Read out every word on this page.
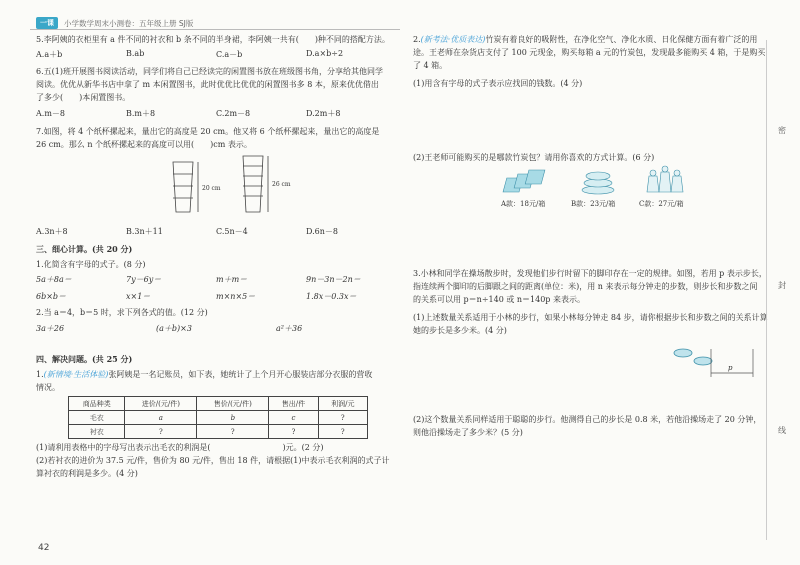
一课	小学数学周末小测卷：五年级上册 SJ版
5.李阿姨的衣柜里有 a 件不同的衬衣和 b 条不同的半身裙，李阿姨一共有(　　)种不同的搭配方法。
A.a＋b	B.ab	C.a－b	D.a×b÷2
6.五(1)班开展图书阅读活动，同学们将自己已经读完的闲置图书放在班级图书角，分享给其他同学
阅读。优优从新华书店中拿了 m 本闲置图书，此时优优比优优的闲置图书多 8 本，原来优优借出
了多少(　　)本闲置图书。
A.m－8	B.m＋8	C.2m－8	D.2m＋8
7.如图，将 4 个纸杯摞起来，量出它的高度是 20 cm。他又将 6 个纸杯摞起来，量出它的高度是
26 cm。那么 n 个纸杯摞起来的高度可以用(　　)cm 表示。
20 cm
26 cm
A.3n＋8	B.3n＋11	C.5n－4	D.6n－8
三、细心计算。(共 20 分)
1.化简含有字母的式子。(8 分)
5a＋8a＝	7y－6y＝	m＋m＝	9n－3n－2n＝
6b×b＝	x×1＝	m×n×5＝	1.8x－0.3x＝
2.当 a＝4，b＝5 时，求下列各式的值。(12 分)
3a＋26	(a＋b)×3	a²＋36
四、解决问题。(共 25 分)
1.(新情境·生活体验)张阿姨是一名记账员，如下表，她统计了上个月开心服装店部分衣服的营收
情况。
商品种类	进价/(元/件)	售价/(元/件)	售出/件	利润/元
毛衣	a	b	c	?
衬衣	?	?	?	?
(1)请利用表格中的字母写出表示出毛衣的利润是(　　　　　　　　　)元。(2 分)
(2)若衬衣的进价为 37.5 元/件，售价为 80 元/件，售出 18 件，请根据(1)中表示毛衣利润的式子计
算衬衣的利润是多少。(4 分)
2.(新考法·优质表达)竹炭有着良好的吸附性，在净化空气、净化水质、日化保健方面有着广泛的用
途。王老师在杂货店支付了 100 元现金，购买每箱 a 元的竹炭包，发现最多能购买 4 箱，于是购买
了 4 箱。
(1)用含有字母的式子表示应找回的钱数。(4 分)
(2)王老师可能购买的是哪款竹炭包？请用你喜欢的方式计算。(6 分)
A款：18元/箱	B款：23元/箱	C款：27元/箱
3.小林和同学在操场散步时，发现他们步行时留下的脚印存在一定的规律。如图，若用 p 表示步长，
指连续两个脚印的后脚跟之间的距离(单位：米)，用 n 来表示每分钟走的步数，则步长和步数之间
的关系可以用 p＝n÷140 或 n＝140p 来表示。
(1)上述数量关系适用于小林的步行，如果小林每分钟走 84 步，请你根据步长和步数之间的关系计算
她的步长是多少米。(4 分)
p
(2)这个数量关系同样适用于聪聪的步行。他测得自己的步长是 0.8 米，若他沿操场走了 20 分钟，
则他沿操场走了多少米？(5 分)
密
封
线
42
